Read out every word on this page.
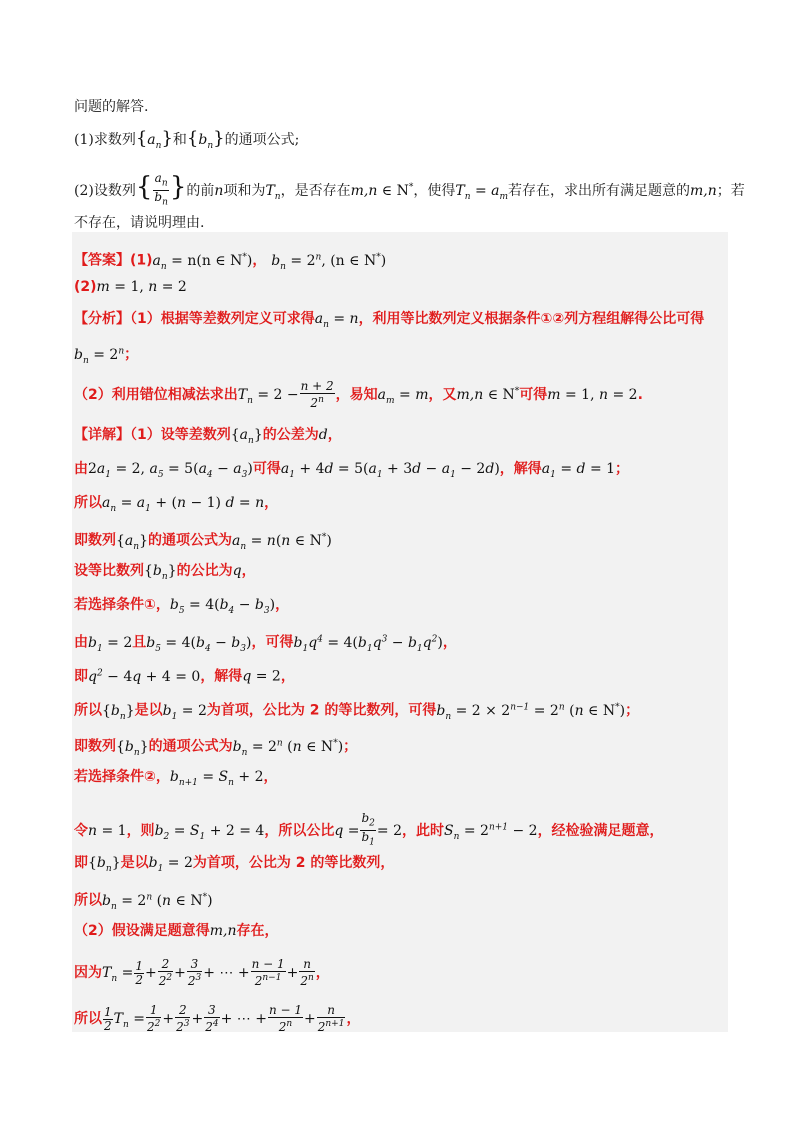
问题的解答.
(1)求数列$\{a_n\}$和$\{b_n\}$的通项公式;
(2)设数列{ $\frac{a_n}{b_n}$ }的前n项和为$T_n$，是否存在m,n ∈ N*，使得$T_n = a_m$若存在，求出所有满足题意的m,n；若
不存在，请说明理由.
【答案】$(1)a_n = n(n$ ∈ N*)， $b_n = 2^n$, (n ∈ N*)
(2)m = 1, n = 2
【分析】（1）根据等差数列定义可求得$a_n = n$，利用等比数列定义根据条件①②列方程组解得公比可得
$b_n = 2^n$；
（2）利用错位相减法求出$T_n = 2 - \frac{n + 2}{2^n}$ ，易知$a_m = m$，又m,n ∈ N*可得m = 1, n = 2.
【详解】（1）设等差数列$\{a_n\}$的公差为d，
由$2a_1 = 2$, $a_5 = 5(a_4 - a_3)$可得$a_1 + 4d = 5(a_1 + 3d - a_1 - 2d)$，解得$a_1 = d = 1$；
所以$a_n = a_1 + (n - 1) d = n$，
即数列$\{a_n\}$的通项公式为$a_n = n(n$ ∈ N*)
设等比数列$\{b_n\}$的公比为q，
若选择条件①，$b_5 = 4(b_4 - b_3)$，
由$b_1 = 2$且$b_5 = 4(b_4 - b_3)$，可得$b_1q^4 = 4(b_1q^3 - b_1q^2)$，
即$q^2 - 4q + 4 = 0$，解得q = 2，
所以$\{b_n\}$是以$b_1 = 2$为首项，公比为 2 的等比数列，可得$b_n = 2 \times 2^{n-1} = 2^n$ (n ∈ N*)；
即数列$\{b_n\}$的通项公式为$b_n = 2^n$ (n ∈ N*)；
若选择条件②，$b_{n+1} = S_n + 2$，
令n = 1，则$b_2 = S_1 + 2 = 4$，所以公比$q = \frac{b_2}{b_1} = 2$，此时$S_n = 2^{n+1} - 2$，经检验满足题意，
即$\{b_n\}$是以$b_1 = 2$为首项，公比为 2 的等比数列，
所以$b_n = 2^n$ (n ∈ N*)
（2）假设满足题意得m,n存在，
因为$T_n = \frac{1}{2} + \frac{2}{2^2} + \frac{3}{2^3}$ + ⋯ + $\frac{n - 1}{2^{n-1}} + \frac{n}{2^n}$ ，
所以 $\frac{1}{2} T_n = \frac{1}{2^2} + \frac{2}{2^3} + \frac{3}{2^4}$ + ⋯ + $\frac{n - 1}{2^n} + \frac{n}{2^{n+1}}$ ，
